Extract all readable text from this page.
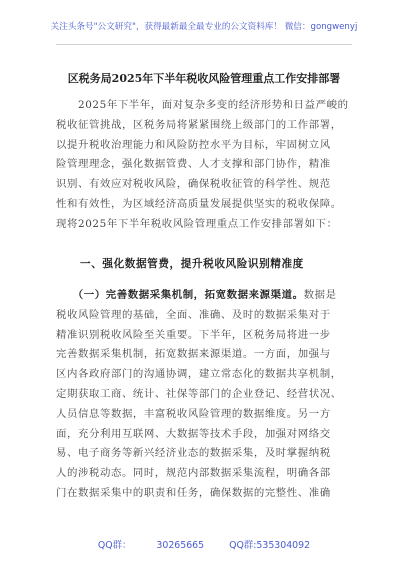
关注头条号"公文研究"，获得最新最全最专业的公文资料库！ 微信：gongwenyj
区税务局2025年下半年税收风险管理重点工作安排部署
　　2025年下半年，面对复杂多变的经济形势和日益严峻的
税收征管挑战，区税务局将紧紧围绕上级部门的工作部署，
以提升税收治理能力和风险防控水平为目标，牢固树立风
险管理理念，强化数据管费、人才支撑和部门协作，精准
识别、有效应对税收风险，确保税收征管的科学性、规范
性和有效性，为区域经济高质量发展提供坚实的税收保障。
现将2025年下半年税收风险管理重点工作安排部署如下：
一、强化数据管费，提升税收风险识别精准度
　　（一）完善数据采集机制，拓宽数据来源渠道。数据是
税收风险管理的基础，全面、准确、及时的数据采集对于
精准识别税收风险至关重要。下半年，区税务局将进一步
完善数据采集机制，拓宽数据来源渠道。一方面，加强与
区内各政府部门的沟通协调，建立常态化的数据共享机制，
定期获取工商、统计、社保等部门的企业登记、经营状况、
人员信息等数据，丰富税收风险管理的数据维度。另一方
面，充分利用互联网、大数据等技术手段，加强对网络交
易、电子商务等新兴经济业态的数据采集，及时掌握纳税
人的涉税动态。同时，规范内部数据采集流程，明确各部
门在数据采集中的职责和任务，确保数据的完整性、准确
QQ群： 30265665 QQ群:535304092
